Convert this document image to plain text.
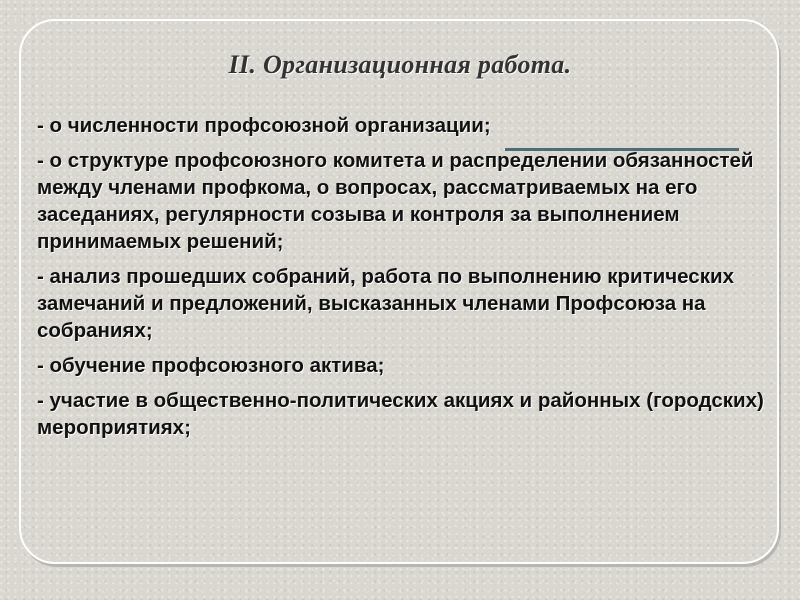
II. Организационная работа.
- о численности профсоюзной организации;
- о структуре профсоюзного комитета и распределении обязанностей между членами профкома, о вопросах, рассматриваемых на его заседаниях, регулярности созыва и контроля за выполнением принимаемых решений;
- анализ прошедших собраний, работа по выполнению критических замечаний и предложений, высказанных членами Профсоюза на собраниях;
- обучение профсоюзного актива;
- участие в общественно-политических акциях и районных (городских) мероприятиях;
